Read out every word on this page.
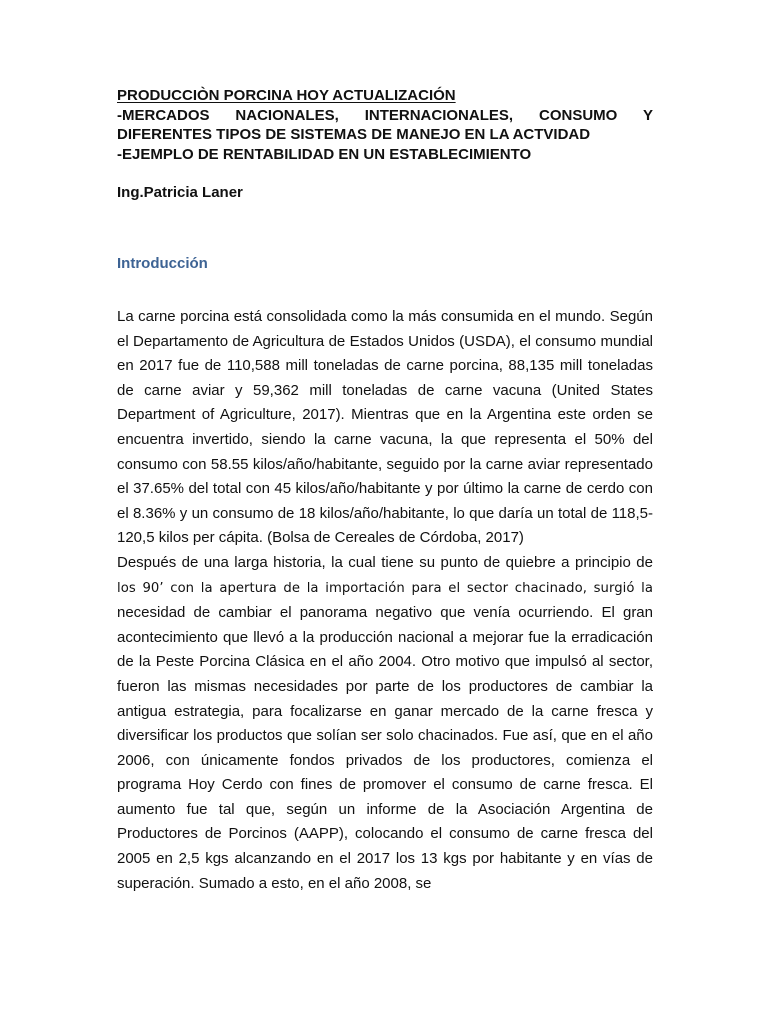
PRODUCCIÒN PORCINA HOY ACTUALIZACIÓN
-MERCADOS NACIONALES, INTERNACIONALES, CONSUMO Y
DIFERENTES TIPOS DE SISTEMAS DE MANEJO EN LA ACTVIDAD
-EJEMPLO DE RENTABILIDAD EN UN ESTABLECIMIENTO
Ing.Patricia Laner
Introducción

La carne porcina está consolidada como la más consumida en el mundo. Según el Departamento de Agricultura de Estados Unidos (USDA), el consumo mundial en 2017 fue de 110,588 mill toneladas de carne porcina, 88,135 mill toneladas de carne aviar y 59,362 mill toneladas de carne vacuna (United States Department of Agriculture, 2017). Mientras que en la Argentina este orden se encuentra invertido, siendo la carne vacuna, la que representa el 50% del consumo con 58.55 kilos/año/habitante, seguido por la carne aviar representado el 37.65% del total con 45 kilos/año/habitante y por último la carne de cerdo con el 8.36% y un consumo de 18 kilos/año/habitante, lo que daría un total de 118,5-120,5 kilos per cápita. (Bolsa de Cereales de Córdoba, 2017)

Después de una larga historia, la cual tiene su punto de quiebre a principio de los 90’ con la apertura de la importación para el sector chacinado, surgió la necesidad de cambiar el panorama negativo que venía ocurriendo. El gran acontecimiento que llevó a la producción nacional a mejorar fue la erradicación de la Peste Porcina Clásica en el año 2004. Otro motivo que impulsó al sector, fueron las mismas necesidades por parte de los productores de cambiar la antigua estrategia, para focalizarse en ganar mercado de la carne fresca y diversificar los productos que solían ser solo chacinados. Fue así, que en el año 2006, con únicamente fondos privados de los productores, comienza el programa Hoy Cerdo con fines de promover el consumo de carne fresca. El aumento fue tal que, según un informe de la Asociación Argentina de Productores de Porcinos (AAPP), colocando el consumo de carne fresca del 2005 en 2,5 kgs alcanzando en el 2017 los 13 kgs por habitante y en vías de superación. Sumado a esto, en el año 2008, se
